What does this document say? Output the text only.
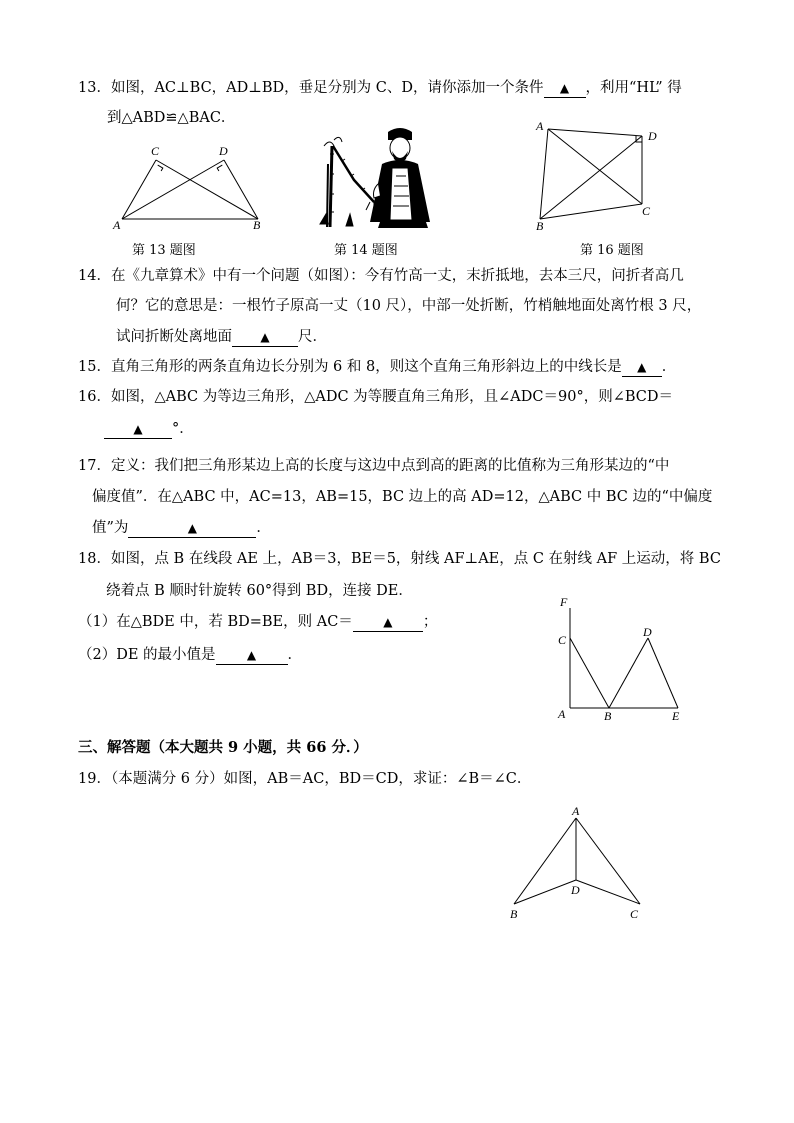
13．如图，AC⊥BC，AD⊥BD，垂足分别为 C、D，请你添加一个条件 ▲ ，利用“HL” 得
到△ABD≌△BAC．
C	D
A	B
A
D
B
C
第 13 题图	第 14 题图	第 16 题图
14．在《九章算术》中有一个问题（如图）：今有竹高一丈，末折抵地，去本三尺，问折者高几
何？它的意思是：一根竹子原高一丈（10 尺），中部一处折断，竹梢触地面处离竹根 3 尺，
试问折断处离地面 ▲ 尺．
15．直角三角形的两条直角边长分别为 6 和 8，则这个直角三角形斜边上的中线长是 ▲ ．
16．如图，△ABC 为等边三角形，△ADC 为等腰直角三角形，且∠ADC＝90°，则∠BCD＝
▲ °．
17．定义：我们把三角形某边上高的长度与这边中点到高的距离的比值称为三角形某边的“中
偏度值”．在△ABC 中，AC=13，AB=15，BC 边上的高 AD=12，△ABC 中 BC 边的“中偏度
值”为	▲	．
18．如图，点 B 在线段 AE 上，AB＝3，BE＝5，射线 AF⊥AE，点 C 在射线 AF 上运动，将 BC
绕着点 B 顺时针旋转 60°得到 BD，连接 DE．
（1）在△BDE 中，若 BD=BE，则 AC＝	▲ ；
（2）DE 的最小值是	▲ ．
F
C
D
A	B	E
三、解答题（本大题共 9 小题，共 66 分．）
19．（本题满分 6 分）如图，AB＝AC，BD＝CD，求证：∠B＝∠C．
A
D
B	C
